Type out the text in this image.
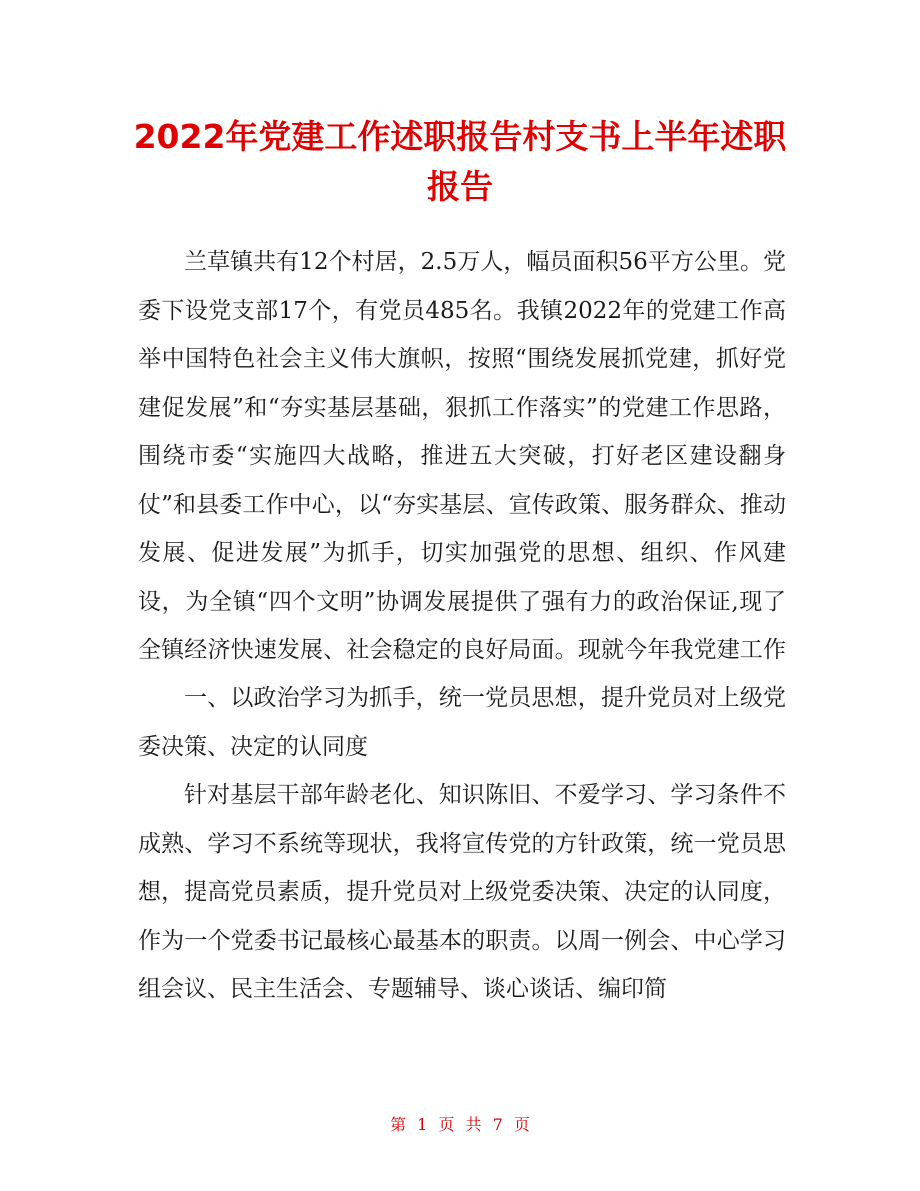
2022年党建工作述职报告村支书上半年述职报告

兰草镇共有12个村居，2.5万人，幅员面积56平方公里。党委下设党支部17个，有党员485名。我镇2022年的党建工作高举中国特色社会主义伟大旗帜，按照“围绕发展抓党建，抓好党建促发展”和“夯实基层基础，狠抓工作落实”的党建工作思路，围绕市委“实施四大战略，推进五大突破，打好老区建设翻身仗”和县委工作中心，以“夯实基层、宣传政策、服务群众、推动发展、促进发展”为抓手，切实加强党的思想、组织、作风建设，为全镇“四个文明”协调发展提供了强有力的政治保证,现了全镇经济快速发展、社会稳定的良好局面。现就今年我党建工作

一、以政治学习为抓手，统一党员思想，提升党员对上级党委决策、决定的认同度

针对基层干部年龄老化、知识陈旧、不爱学习、学习条件不成熟、学习不系统等现状，我将宣传党的方针政策，统一党员思想，提高党员素质，提升党员对上级党委决策、决定的认同度，作为一个党委书记最核心最基本的职责。以周一例会、中心学习组会议、民主生活会、专题辅导、谈心谈话、编印简

第 1 页 共 7 页
